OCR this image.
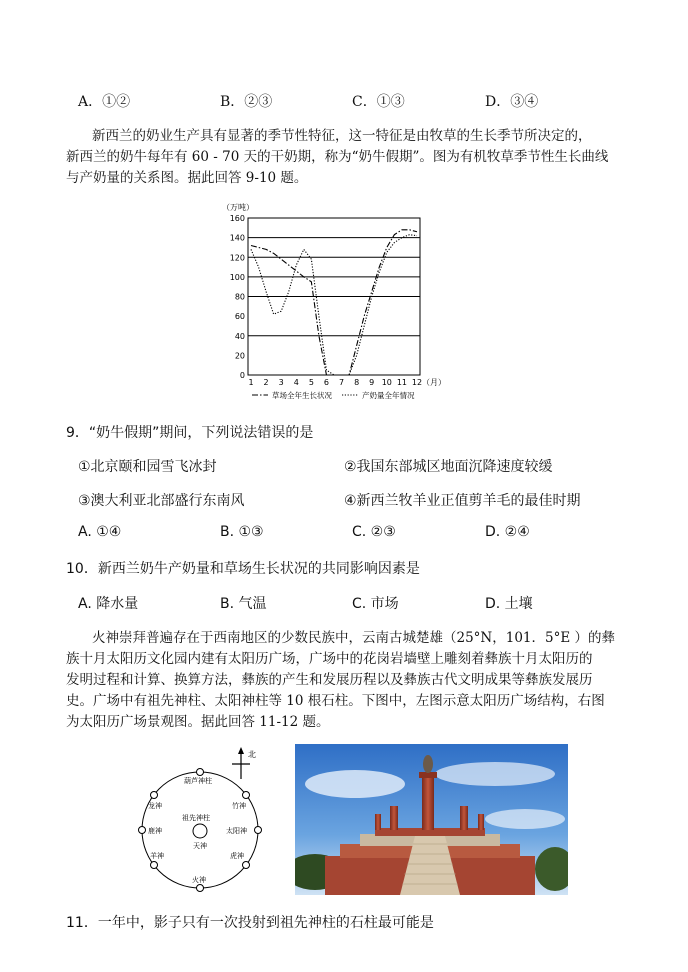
A．①②	B．②③	C．①③	D．③④
新西兰的奶业生产具有显著的季节性特征，这一特征是由牧草的生长季节所决定的，
新西兰的奶牛每年有 60 - 70 天的干奶期，称为“奶牛假期”。图为有机牧草季节性生长曲线
与产奶量的关系图。据此回答 9-10 题。
0
20
40
60
80
100
120
140
160
（万吨）
1 2 3 4 5 6 7 8 9 10 11 12 （月）
草场全年生长状况	产奶量全年情况
9．“奶牛假期”期间，下列说法错误的是
①北京颐和园雪飞冰封	②我国东部城区地面沉降速度较缓
③澳大利亚北部盛行东南风	④新西兰牧羊业正值剪羊毛的最佳时期
A. ①④	B. ①③	C. ②③	D. ②④
10．新西兰奶牛产奶量和草场生长状况的共同影响因素是
A. 降水量	B. 气温	C. 市场	D. 土壤
火神崇拜普遍存在于西南地区的少数民族中，云南古城楚雄（25°N，101．5°E ）的彝
族十月太阳历文化园内建有太阳历广场，广场中的花岗岩墙壁上雕刻着彝族十月太阳历的
发明过程和计算、换算方法，彝族的产生和发展历程以及彝族古代文明成果等彝族发展历
史。广场中有祖先神柱、太阳神柱等 10 根石柱。下图中，左图示意太阳历广场结构，右图
为太阳历广场景观图。据此回答 11-12 题。
北
葫芦神柱
竹神
太阳神
虎神
火神
羊神
鹿神
龙神
祖先神柱
天神
11．一年中，影子只有一次投射到祖先神柱的石柱最可能是
